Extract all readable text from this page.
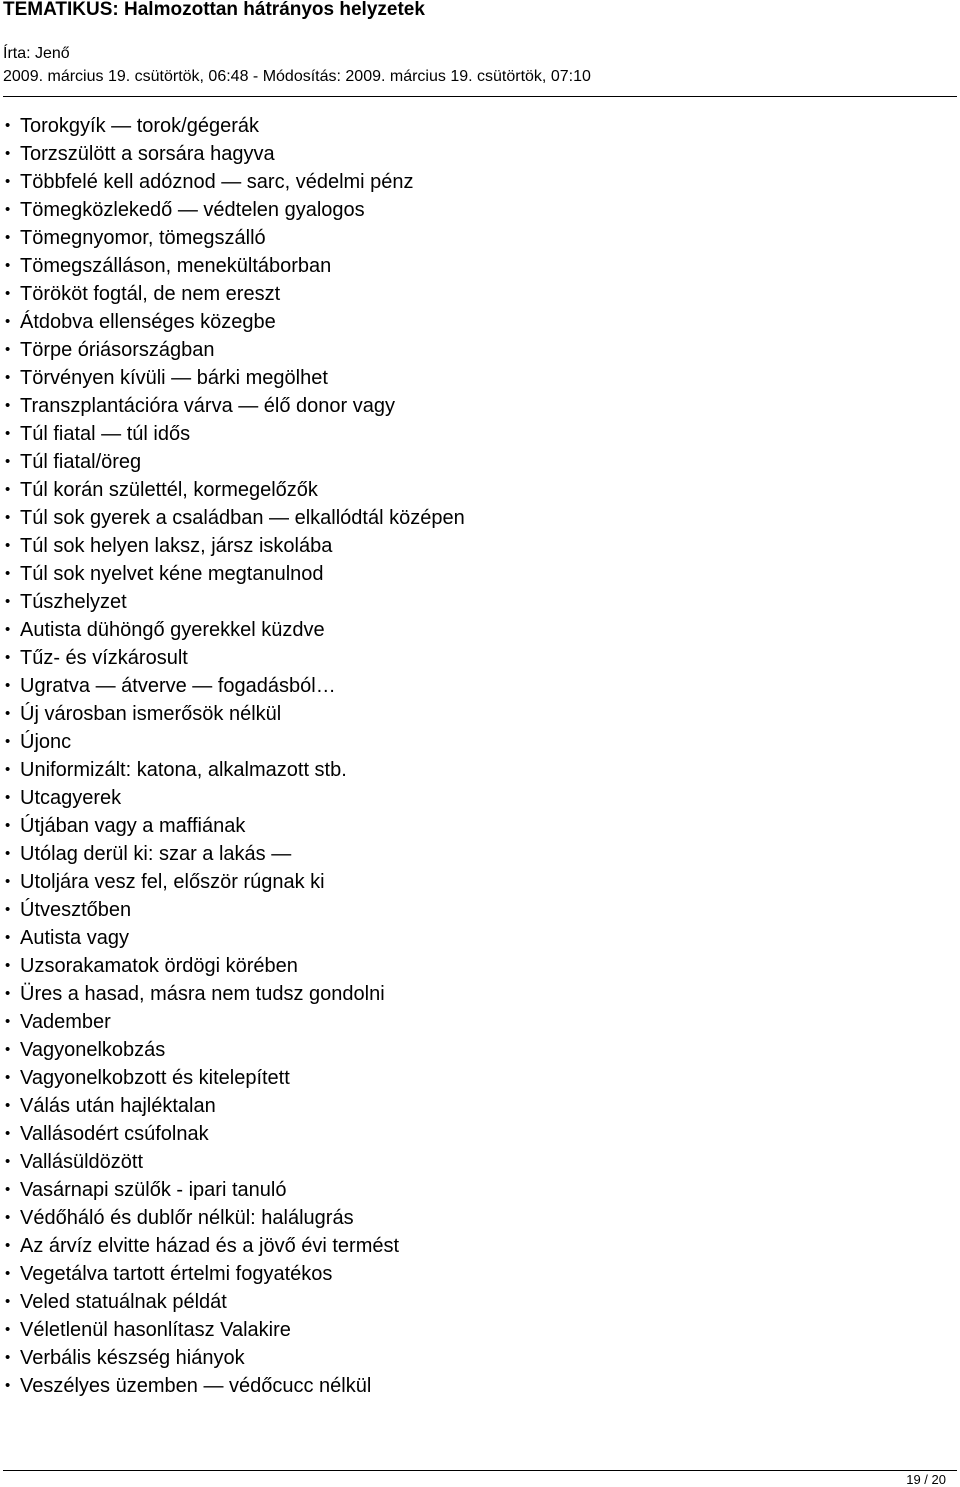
TEMATIKUS: Halmozottan hátrányos helyzetek
Írta: Jenő
2009. március 19. csütörtök, 06:48 - Módosítás: 2009. március 19. csütörtök, 07:10
• Torokgyík — torok/gégerák
• Torzszülött a sorsára hagyva
• Többfelé kell adóznod — sarc, védelmi pénz
• Tömegközlekedő — védtelen gyalogos
• Tömegnyomor, tömegszálló
• Tömegszálláson, menekültáborban
• Törököt fogtál, de nem ereszt
• Átdobva ellenséges közegbe
• Törpe óriásországban
• Törvényen kívüli — bárki megölhet
• Transzplantációra várva — élő donor vagy
• Túl fiatal — túl idős
• Túl fiatal/öreg
• Túl korán születtél, kormegelőzők
• Túl sok gyerek a családban — elkallódtál középen
• Túl sok helyen laksz, jársz iskolába
• Túl sok nyelvet kéne megtanulnod
• Túszhelyzet
• Autista dühöngő gyerekkel küzdve
• Tűz- és vízkárosult
• Ugratva — átverve — fogadásból…
• Új városban ismerősök nélkül
• Újonc
• Uniformizált: katona, alkalmazott stb.
• Utcagyerek
• Útjában vagy a maffiának
• Utólag derül ki: szar a lakás —
• Utoljára vesz fel, először rúgnak ki
• Útvesztőben
• Autista vagy
• Uzsorakamatok ördögi körében
• Üres a hasad, másra nem tudsz gondolni
• Vadember
• Vagyonelkobzás
• Vagyonelkobzott és kitelepített
• Válás után hajléktalan
• Vallásodért csúfolnak
• Vallásüldözött
• Vasárnapi szülők - ipari tanuló
• Védőháló és dublőr nélkül: halálugrás
• Az árvíz elvitte házad és a jövő évi termést
• Vegetálva tartott értelmi fogyatékos
• Veled statuálnak példát
• Véletlenül hasonlítasz Valakire
• Verbális készség hiányok
• Veszélyes üzemben — védőcucc nélkül
19 / 20
